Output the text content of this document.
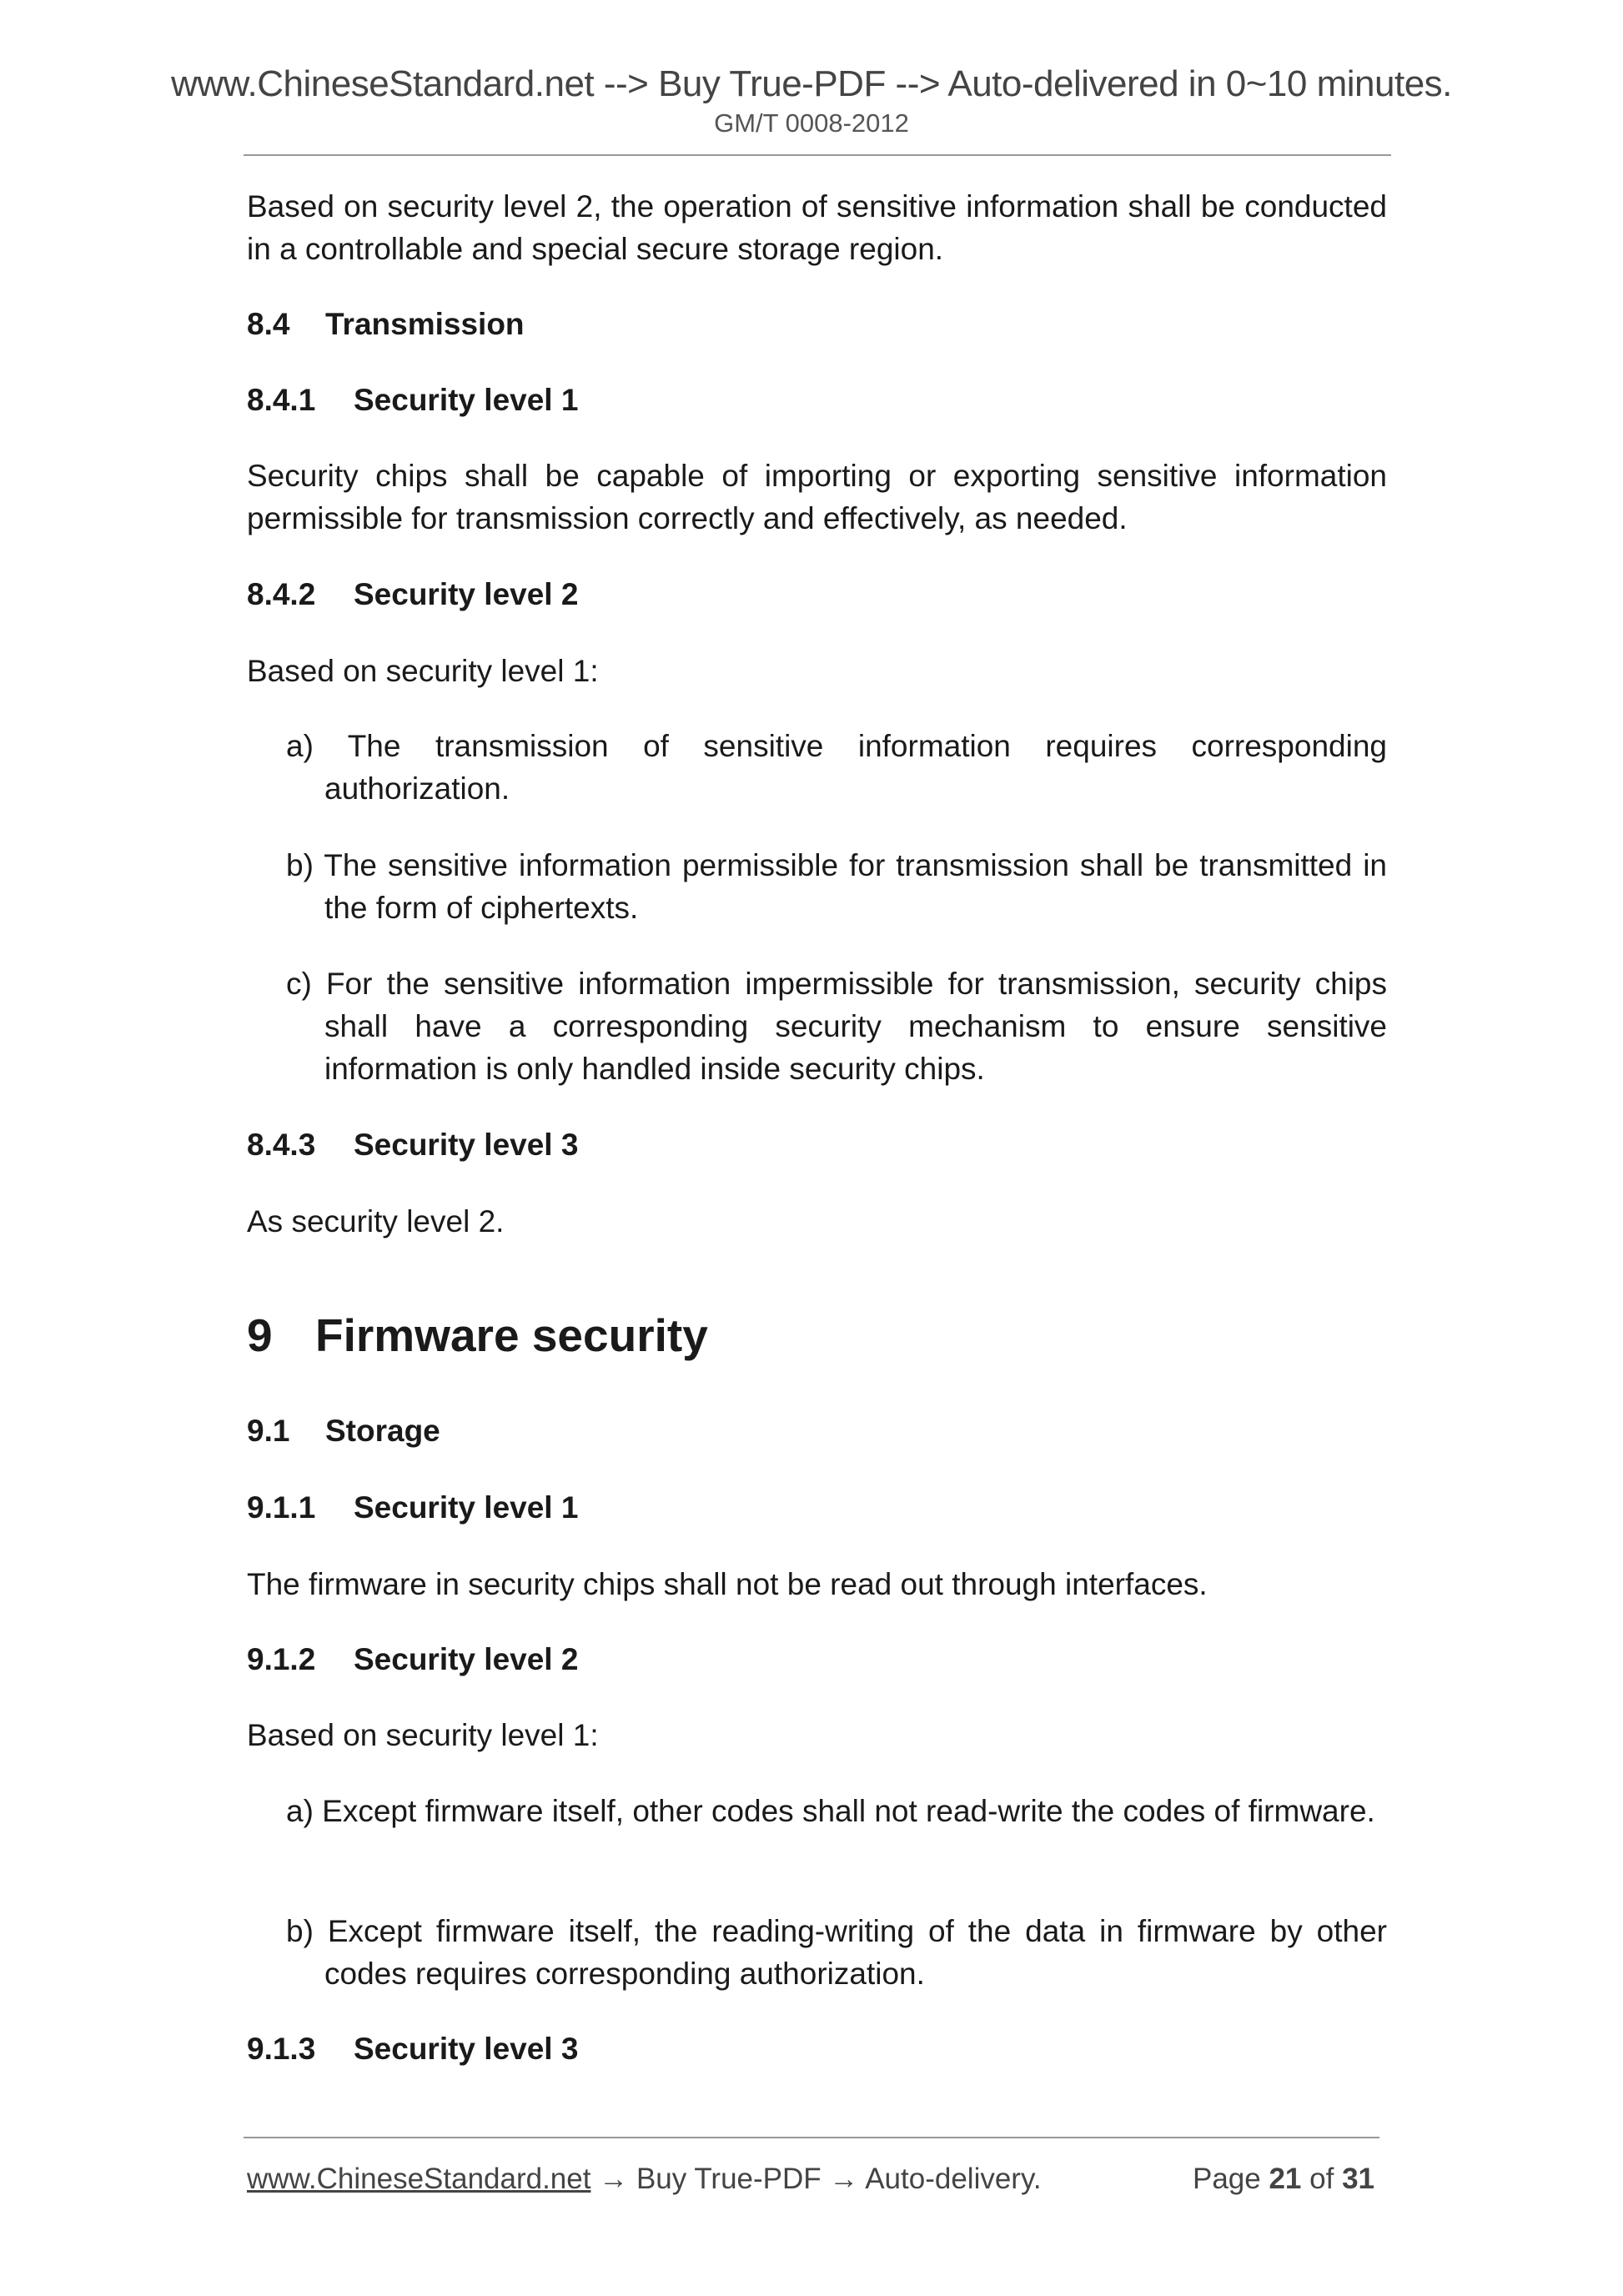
www.ChineseStandard.net --> Buy True-PDF --> Auto-delivered in 0~10 minutes.
GM/T 0008-2012
Based on security level 2, the operation of sensitive information shall be conducted in a controllable and special secure storage region.
8.4 Transmission
8.4.1 Security level 1
Security chips shall be capable of importing or exporting sensitive information permissible for transmission correctly and effectively, as needed.
8.4.2 Security level 2
Based on security level 1:
a) The transmission of sensitive information requires corresponding authorization.
b) The sensitive information permissible for transmission shall be transmitted in the form of ciphertexts.
c) For the sensitive information impermissible for transmission, security chips shall have a corresponding security mechanism to ensure sensitive information is only handled inside security chips.
8.4.3 Security level 3
As security level 2.
9 Firmware security
9.1 Storage
9.1.1 Security level 1
The firmware in security chips shall not be read out through interfaces.
9.1.2 Security level 2
Based on security level 1:
a) Except firmware itself, other codes shall not read-write the codes of firmware.
b) Except firmware itself, the reading-writing of the data in firmware by other codes requires corresponding authorization.
9.1.3 Security level 3
www.ChineseStandard.net → Buy True-PDF → Auto-delivery.	Page 21 of 31
